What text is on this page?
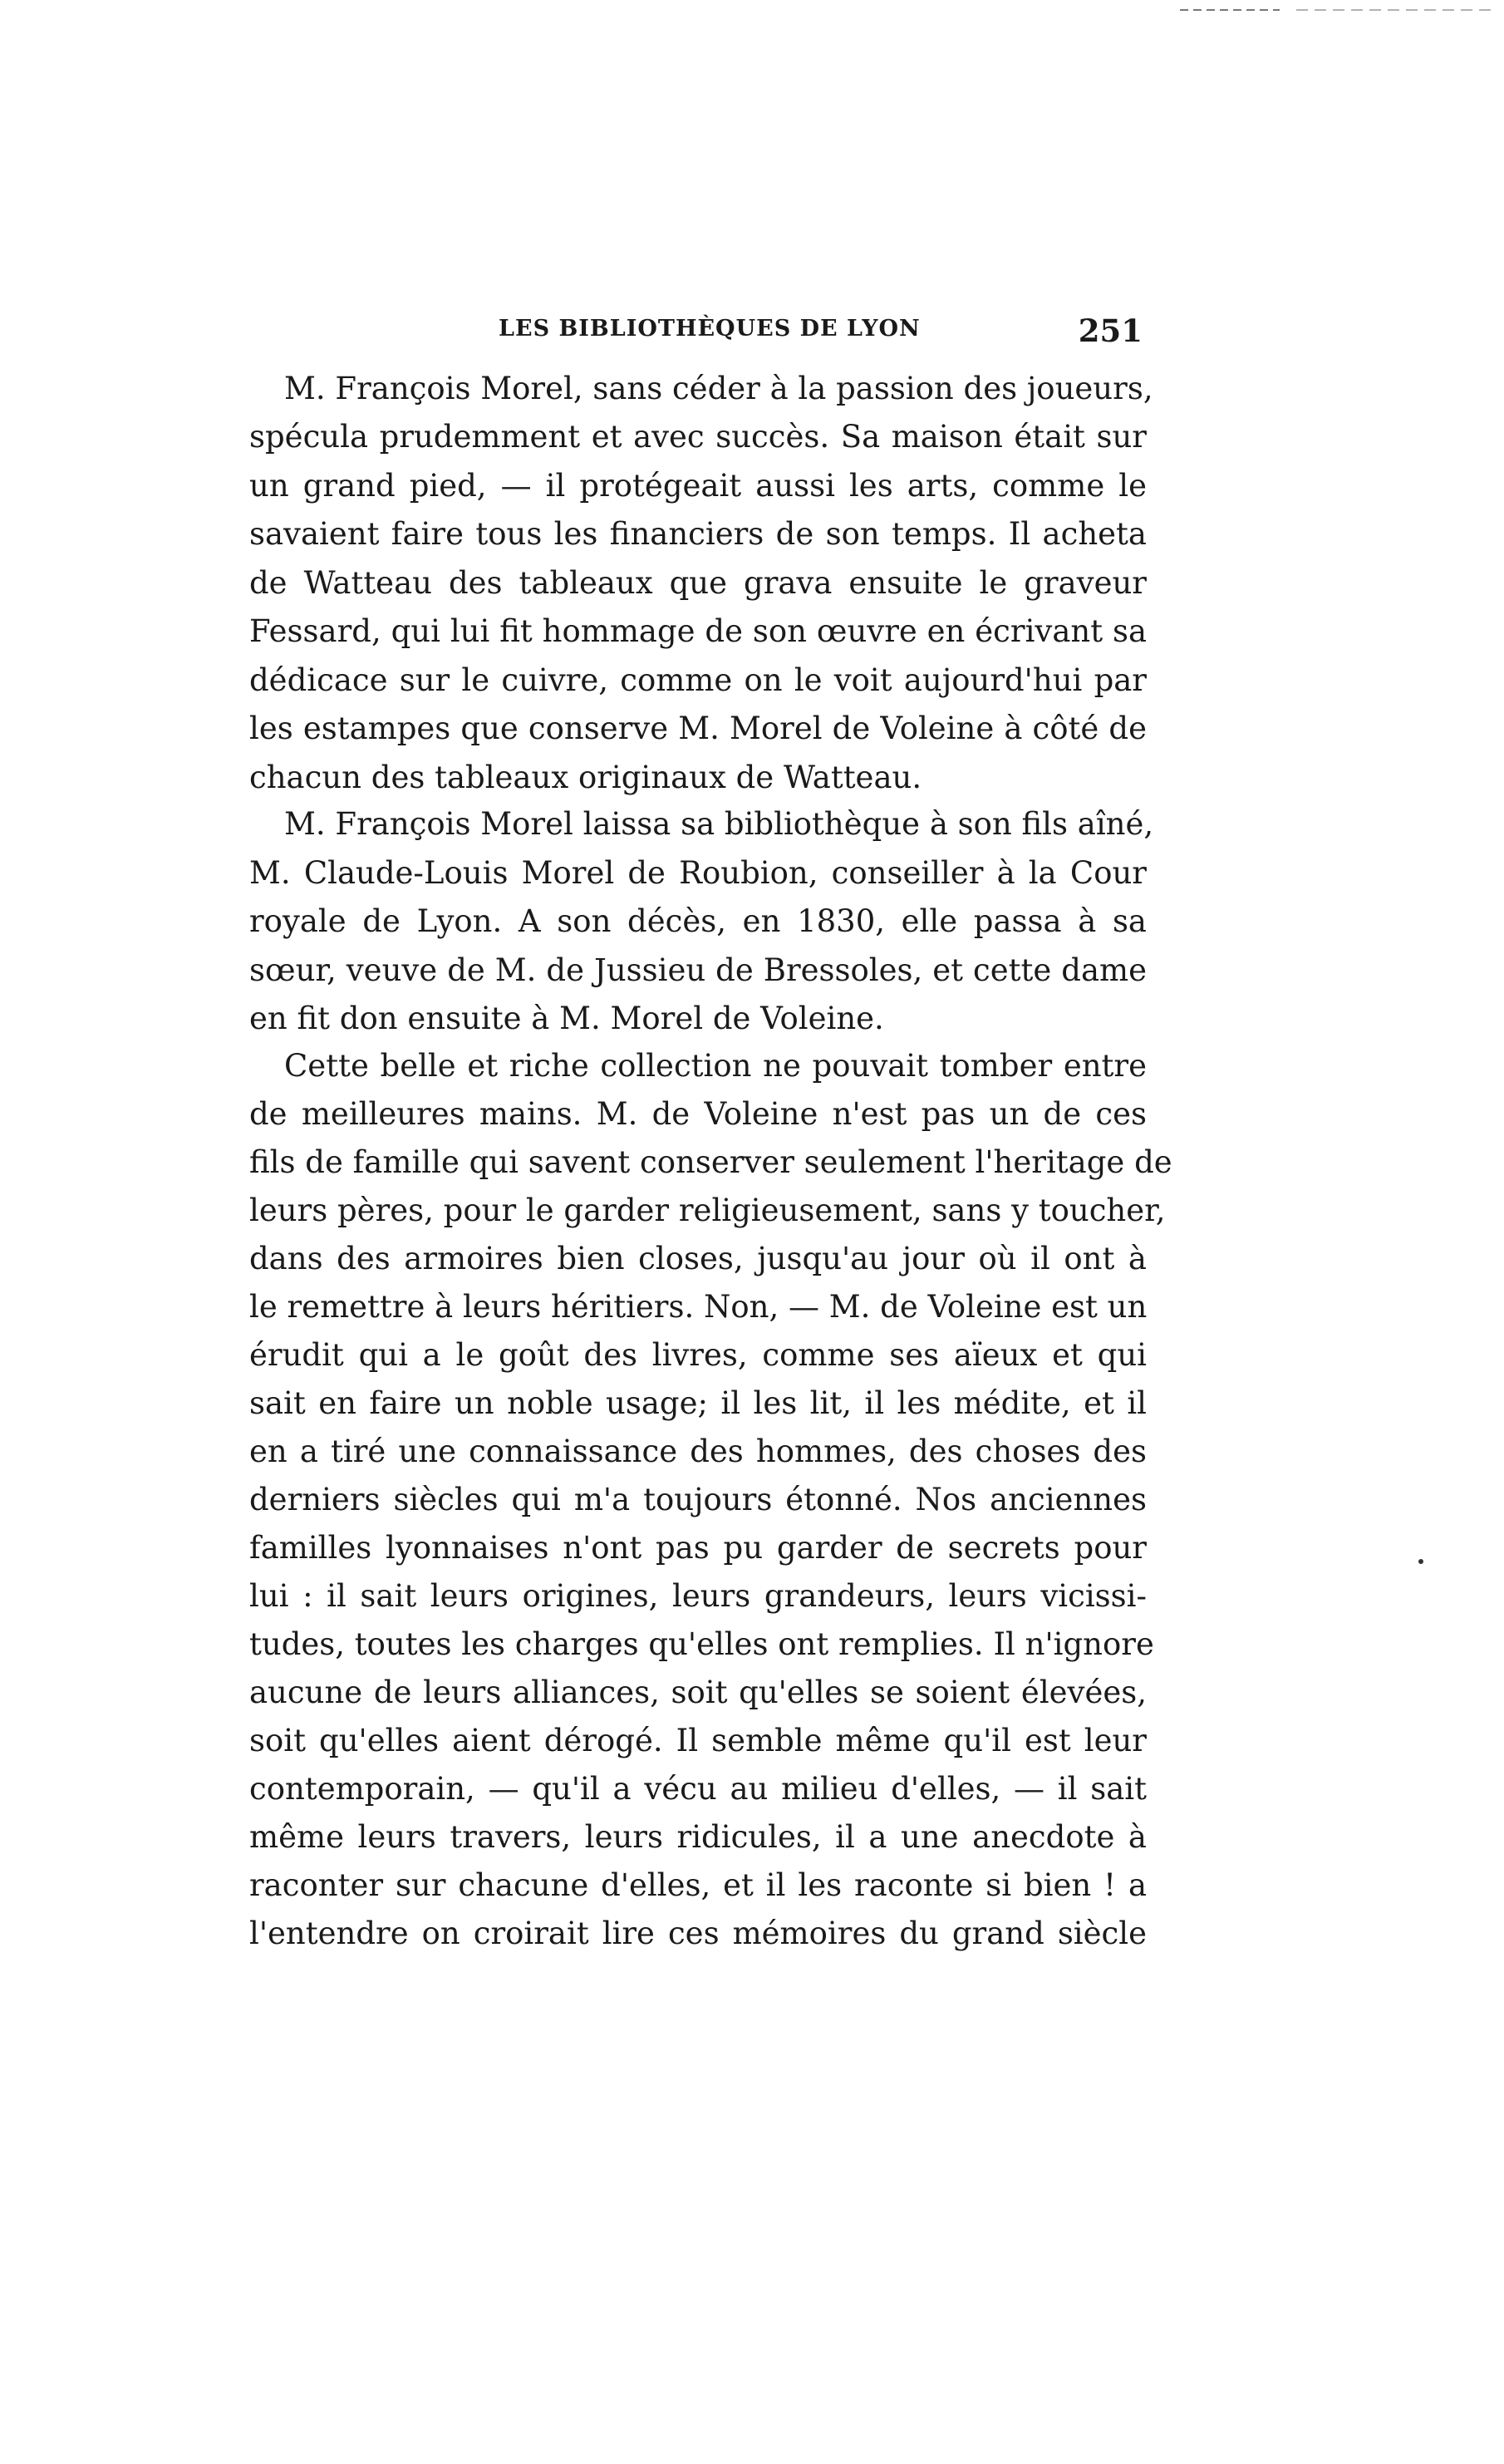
LES BIBLIOTHÈQUES DE LYON	251
M. François Morel, sans céder à la passion des joueurs,
spécula prudemment et avec succès. Sa maison était sur
un grand pied, — il protégeait aussi les arts, comme le
savaient faire tous les financiers de son temps. Il acheta
de Watteau des tableaux que grava ensuite le graveur
Fessard, qui lui fit hommage de son œuvre en écrivant sa
dédicace sur le cuivre, comme on le voit aujourd'hui par
les estampes que conserve M. Morel de Voleine à côté de
chacun des tableaux originaux de Watteau.
M. François Morel laissa sa bibliothèque à son fils aîné,
M. Claude-Louis Morel de Roubion, conseiller à la Cour
royale de Lyon. A son décès, en 1830, elle passa à sa
sœur, veuve de M. de Jussieu de Bressoles, et cette dame
en fit don ensuite à M. Morel de Voleine.
Cette belle et riche collection ne pouvait tomber entre
de meilleures mains. M. de Voleine n'est pas un de ces
fils de famille qui savent conserver seulement l'heritage de
leurs pères, pour le garder religieusement, sans y toucher,
dans des armoires bien closes, jusqu'au jour où il ont à
le remettre à leurs héritiers. Non, — M. de Voleine est un
érudit qui a le goût des livres, comme ses aïeux et qui
sait en faire un noble usage; il les lit, il les médite, et il
en a tiré une connaissance des hommes, des choses des
derniers siècles qui m'a toujours étonné. Nos anciennes
familles lyonnaises n'ont pas pu garder de secrets pour
lui : il sait leurs origines, leurs grandeurs, leurs vicissi-
tudes, toutes les charges qu'elles ont remplies. Il n'ignore
aucune de leurs alliances, soit qu'elles se soient élevées,
soit qu'elles aient dérogé. Il semble même qu'il est leur
contemporain, — qu'il a vécu au milieu d'elles, — il sait
même leurs travers, leurs ridicules, il a une anecdote à
raconter sur chacune d'elles, et il les raconte si bien ! a
l'entendre on croirait lire ces mémoires du grand siècle
